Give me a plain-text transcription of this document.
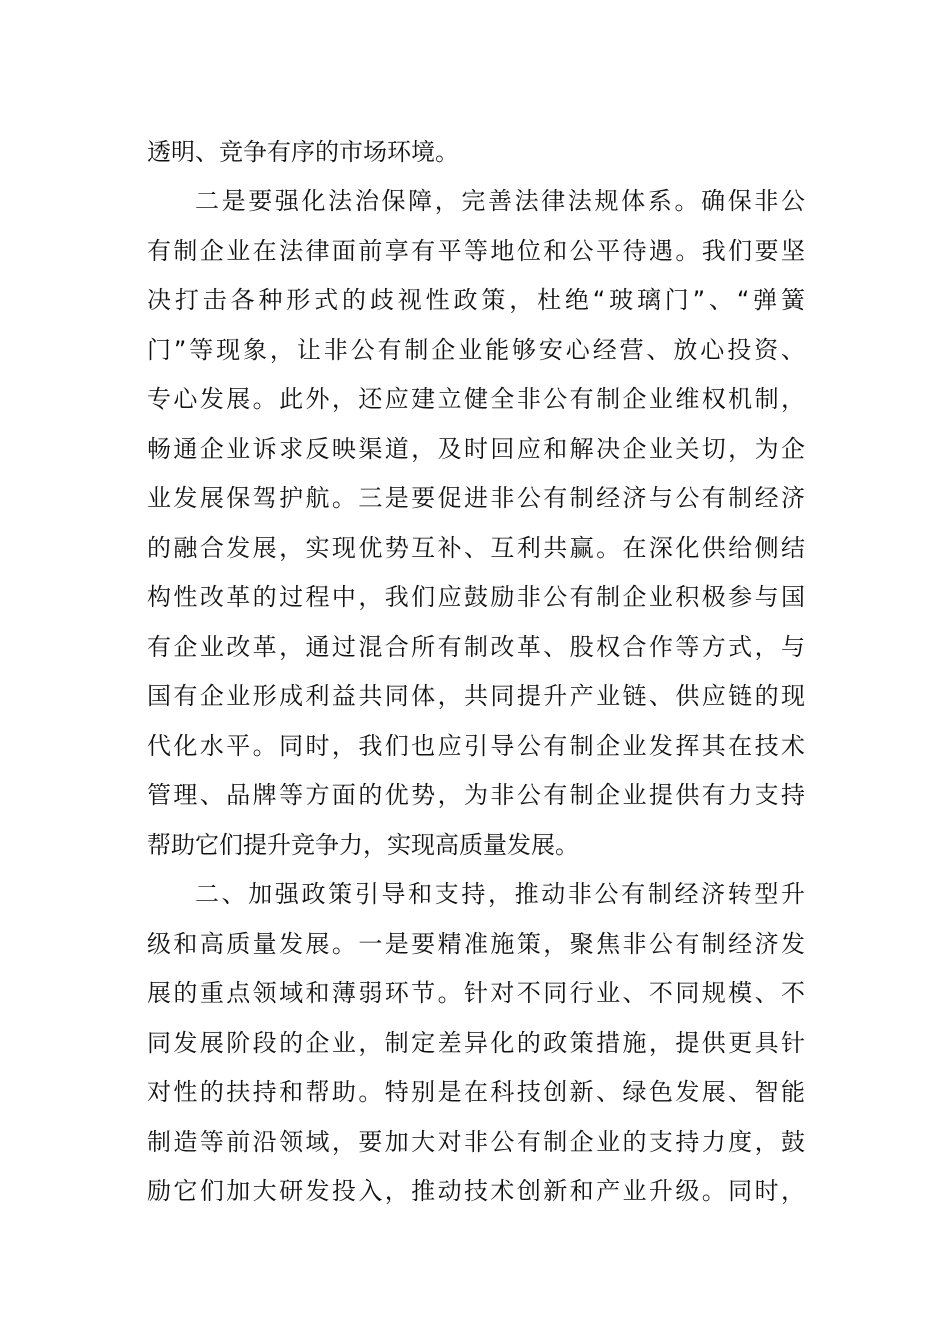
透明、竞争有序的市场环境。
二是要强化法治保障，完善法律法规体系。确保非公
有制企业在法律面前享有平等地位和公平待遇。我们要坚
决打击各种形式的歧视性政策，杜绝“玻璃门”、“弹簧
门”等现象，让非公有制企业能够安心经营、放心投资、
专心发展。此外，还应建立健全非公有制企业维权机制，
畅通企业诉求反映渠道，及时回应和解决企业关切，为企
业发展保驾护航。三是要促进非公有制经济与公有制经济
的融合发展，实现优势互补、互利共赢。在深化供给侧结
构性改革的过程中，我们应鼓励非公有制企业积极参与国
有企业改革，通过混合所有制改革、股权合作等方式，与
国有企业形成利益共同体，共同提升产业链、供应链的现
代化水平。同时，我们也应引导公有制企业发挥其在技术
管理、品牌等方面的优势，为非公有制企业提供有力支持
帮助它们提升竞争力，实现高质量发展。
二、加强政策引导和支持，推动非公有制经济转型升
级和高质量发展。一是要精准施策，聚焦非公有制经济发
展的重点领域和薄弱环节。针对不同行业、不同规模、不
同发展阶段的企业，制定差异化的政策措施，提供更具针
对性的扶持和帮助。特别是在科技创新、绿色发展、智能
制造等前沿领域，要加大对非公有制企业的支持力度，鼓
励它们加大研发投入，推动技术创新和产业升级。同时，
